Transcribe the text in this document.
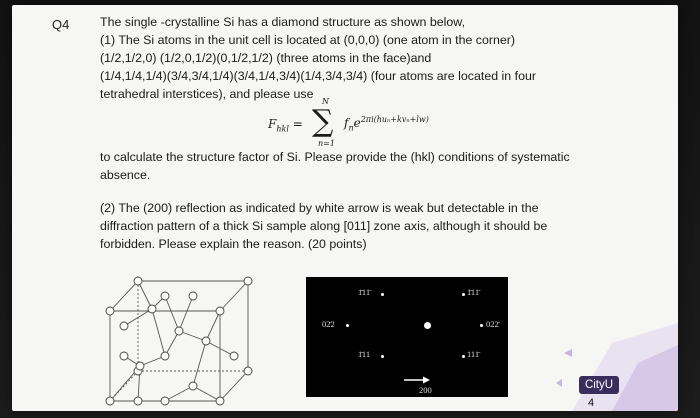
Q4 The single -crystalline Si has a diamond structure as shown below,
(1) The Si atoms in the unit cell is located at (0,0,0) (one atom in the corner)
(1/2,1/2,0) (1/2,0,1/2)(0,1/2,1/2) (three atoms in the face)and
(1/4,1/4,1/4)(3/4,3/4,1/4)(3/4,1/4,3/4)(1/4,3/4,3/4) (four atoms are located in four
tetrahedral interstices), and please use
$F_{hkl}$ =
N
∑
n=1
$f_ne^{2\pi i(hu_n+kv_n+lw)}$
to calculate the structure factor of Si. Please provide the (hkl) conditions of systematic
absence.
(2) The (200) reflection as indicated by white arrow is weak but detectable in the
diffraction pattern of a thick Si sample along [011] zone axis, although it should be
forbidden. Please explain the reason. (20 points)
1̄11̄	1̄11̄
02̄2	022̄
1̄11	111̄
200	CityU
4
